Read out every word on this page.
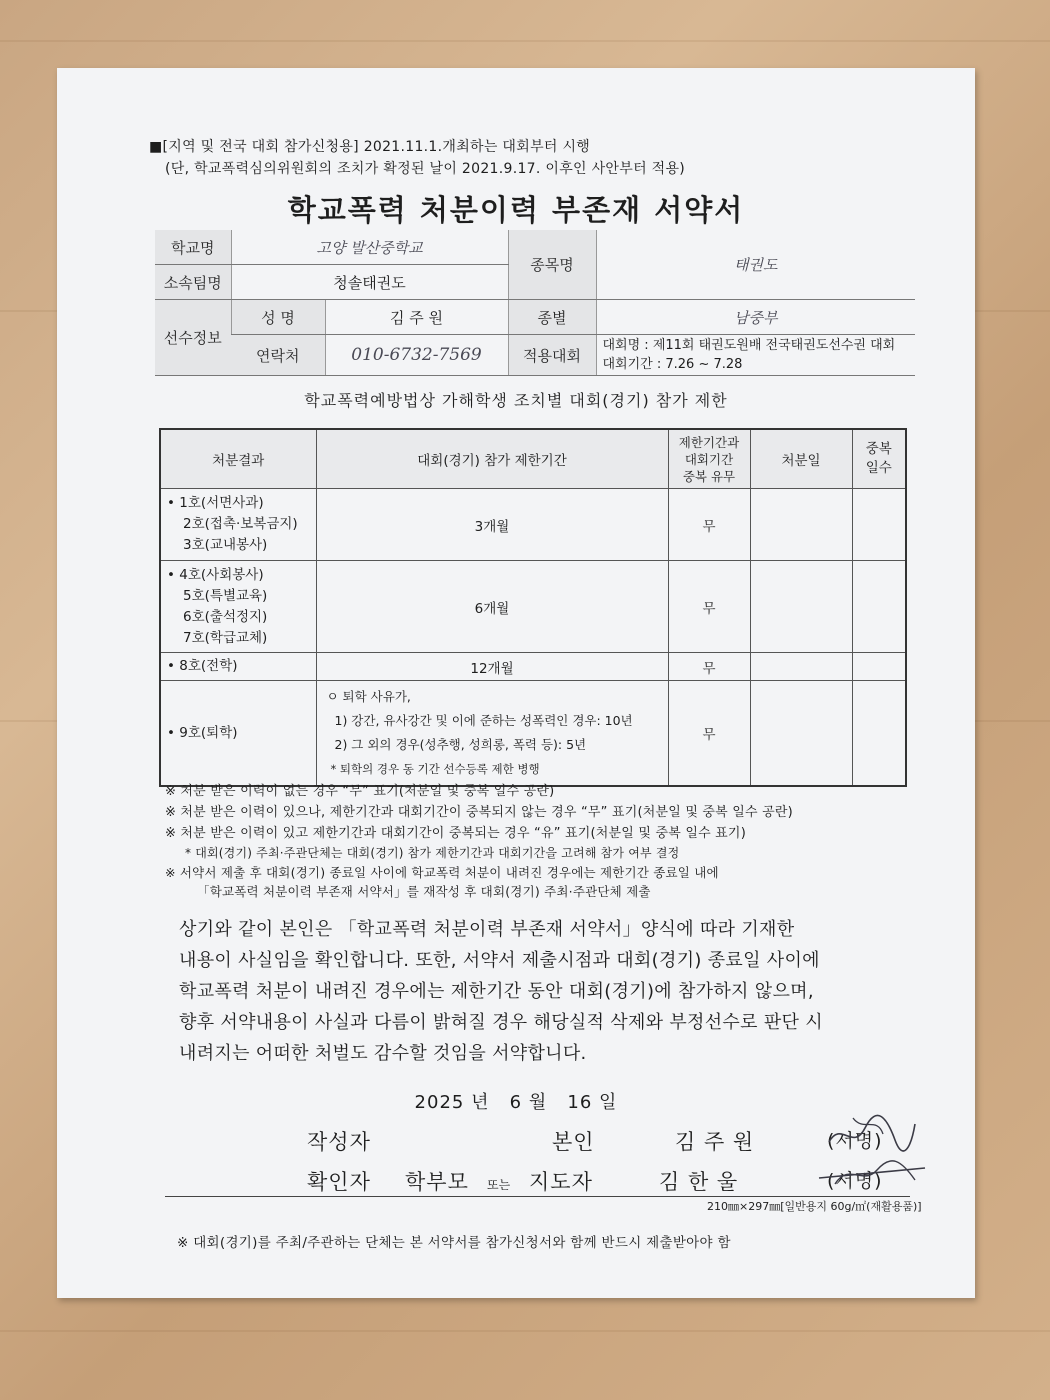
■[지역 및 전국 대회 참가신청용] 2021.11.1.개최하는 대회부터 시행
(단, 학교폭력심의위원회의 조치가 확정된 날이 2021.9.17. 이후인 사안부터 적용)
학교폭력 처분이력 부존재 서약서
학교명	고양 발산중학교		종목명	태권도
소속팀명	청솔태권도			
선수정보	성 명	김 주 원	종별	남중부
	연락처	010-6732-7569	적용대회	대회명 : 제11회 태권도원배 전국태권도선수권 대회
대회기간 : 7.26 ~ 7.28
학교폭력예방법상 가해학생 조치별 대회(경기) 참가 제한
처분결과	대회(경기) 참가 제한기간	제한기간과
대회기간
중복 유무	처분일	중복
일수

• 1호(서면사과)
2호(접촉·보복금지)
3호(교내봉사)	3개월	무		

• 4호(사회봉사)
5호(특별교육)
6호(출석정지)
7호(학급교체)	6개월	무		

• 8호(전학)	12개월	무		

• 9호(퇴학)	ㅇ 퇴학 사유가,
1) 강간, 유사강간 및 이에 준하는 성폭력인 경우: 10년
2) 그 외의 경우(성추행, 성희롱, 폭력 등): 5년
* 퇴학의 경우 동 기간 선수등록 제한 병행	무		
※ 처분 받은 이력이 없는 경우 “무” 표기(처분일 및 중복 일수 공란)
※ 처분 받은 이력이 있으나, 제한기간과 대회기간이 중복되지 않는 경우 “무” 표기(처분일 및 중복 일수 공란)
※ 처분 받은 이력이 있고 제한기간과 대회기간이 중복되는 경우 “유” 표기(처분일 및 중복 일수 표기)
* 대회(경기) 주최·주관단체는 대회(경기) 참가 제한기간과 대회기간을 고려해 참가 여부 결정
※ 서약서 제출 후 대회(경기) 종료일 사이에 학교폭력 처분이 내려진 경우에는 제한기간 종료일 내에
「학교폭력 처분이력 부존재 서약서」를 재작성 후 대회(경기) 주최·주관단체 제출
상기와 같이 본인은 「학교폭력 처분이력 부존재 서약서」양식에 따라 기재한
내용이 사실임을 확인합니다. 또한, 서약서 제출시점과 대회(경기) 종료일 사이에
학교폭력 처분이 내려진 경우에는 제한기간 동안 대회(경기)에 참가하지 않으며,
향후 서약내용이 사실과 다름이 밝혀질 경우 해당실적 삭제와 부정선수로 판단 시
내려지는 어떠한 처벌도 감수할 것임을 서약합니다.
2025 년 6 월 16 일
작성자	본인	김 주 원	(서명)
확인자 학부모 또는 지도자	김 한 울	(서명)
210㎜×297㎜[일반용지 60g/㎡(재활용품)]
※ 대회(경기)를 주최/주관하는 단체는 본 서약서를 참가신청서와 함께 반드시 제출받아야 함
